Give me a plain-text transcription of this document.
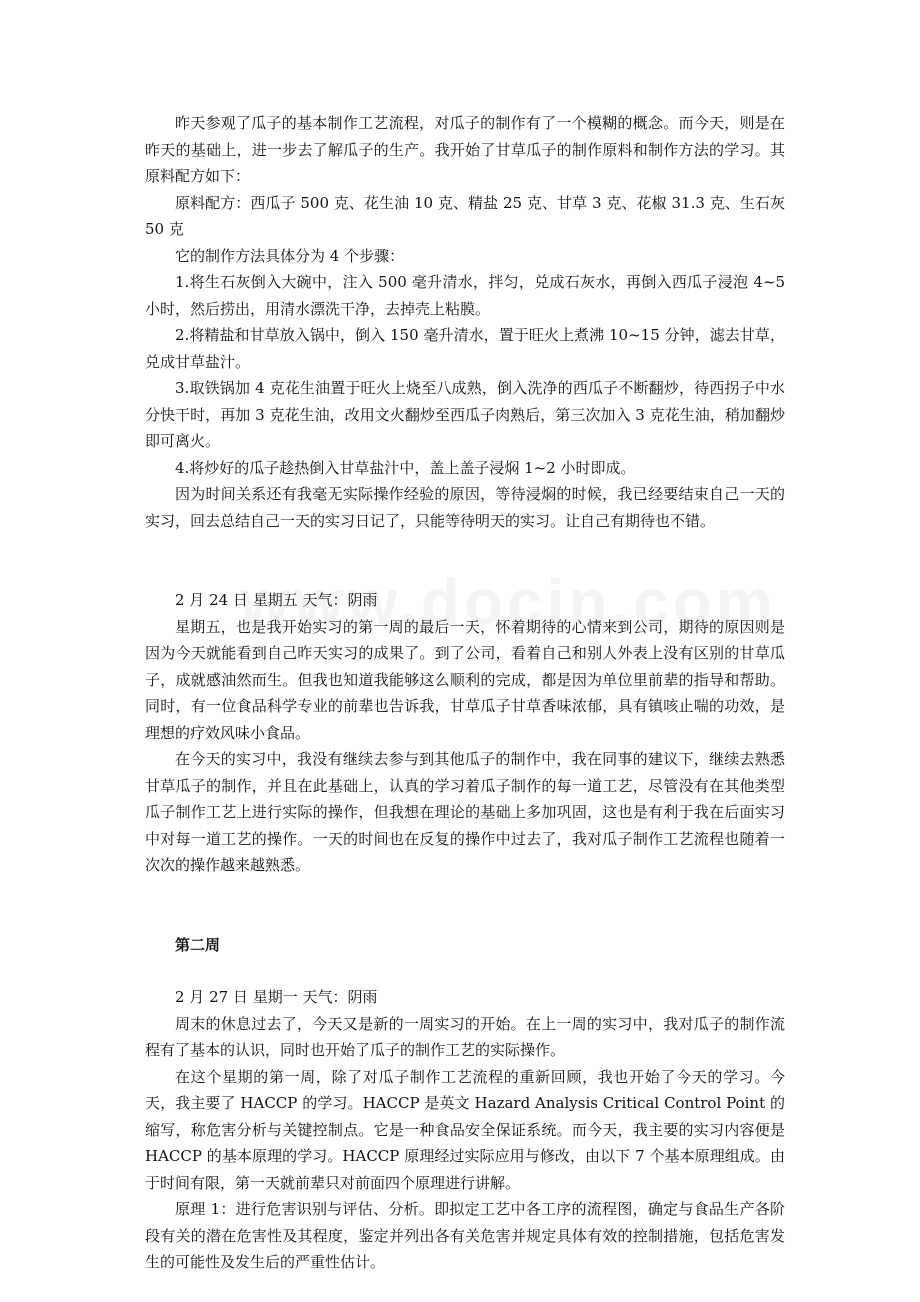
昨天参观了瓜子的基本制作工艺流程，对瓜子的制作有了一个模糊的概念。而今天，则是在昨天的基础上，进一步去了解瓜子的生产。我开始了甘草瓜子的制作原料和制作方法的学习。其原料配方如下：

原料配方：西瓜子 500 克、花生油 10 克、精盐 25 克、甘草 3 克、花椒 31.3 克、生石灰 50 克

它的制作方法具体分为 4 个步骤：

1.将生石灰倒入大碗中，注入 500 毫升清水，拌匀，兑成石灰水，再倒入西瓜子浸泡 4~5 小时，然后捞出，用清水漂洗干净，去掉壳上粘膜。

2.将精盐和甘草放入锅中，倒入 150 毫升清水，置于旺火上煮沸 10~15 分钟，滤去甘草，兑成甘草盐汁。

3.取铁锅加 4 克花生油置于旺火上烧至八成熟，倒入洗净的西瓜子不断翻炒，待西拐子中水分快干时，再加 3 克花生油，改用文火翻炒至西瓜子肉熟后，第三次加入 3 克花生油，稍加翻炒即可离火。

4.将炒好的瓜子趁热倒入甘草盐汁中，盖上盖子浸焖 1~2 小时即成。

因为时间关系还有我毫无实际操作经验的原因，等待浸焖的时候，我已经要结束自己一天的实习，回去总结自己一天的实习日记了，只能等待明天的实习。让自己有期待也不错。

2 月 24 日 星期五 天气：阴雨

星期五，也是我开始实习的第一周的最后一天，怀着期待的心情来到公司，期待的原因则是因为今天就能看到自己昨天实习的成果了。到了公司，看着自己和别人外表上没有区别的甘草瓜子，成就感油然而生。但我也知道我能够这么顺利的完成，都是因为单位里前辈的指导和帮助。同时，有一位食品科学专业的前辈也告诉我，甘草瓜子甘草香味浓郁，具有镇咳止喘的功效，是理想的疗效风味小食品。

在今天的实习中，我没有继续去参与到其他瓜子的制作中，我在同事的建议下，继续去熟悉甘草瓜子的制作，并且在此基础上，认真的学习着瓜子制作的每一道工艺，尽管没有在其他类型瓜子制作工艺上进行实际的操作，但我想在理论的基础上多加巩固，这也是有利于我在后面实习中对每一道工艺的操作。一天的时间也在反复的操作中过去了，我对瓜子制作工艺流程也随着一次次的操作越来越熟悉。

第二周

2 月 27 日 星期一 天气：阴雨

周末的休息过去了，今天又是新的一周实习的开始。在上一周的实习中，我对瓜子的制作流程有了基本的认识，同时也开始了瓜子的制作工艺的实际操作。

在这个星期的第一周，除了对瓜子制作工艺流程的重新回顾，我也开始了今天的学习。今天，我主要了 HACCP 的学习。HACCP 是英文 Hazard Analysis Critical Control Point 的缩写，称危害分析与关键控制点。它是一种食品安全保证系统。而今天，我主要的实习内容便是 HACCP 的基本原理的学习。HACCP 原理经过实际应用与修改，由以下 7 个基本原理组成。由于时间有限，第一天就前辈只对前面四个原理进行讲解。

原理 1：进行危害识别与评估、分析。即拟定工艺中各工序的流程图，确定与食品生产各阶段有关的潜在危害性及其程度，鉴定并列出各有关危害并规定具体有效的控制措施，包括危害发生的可能性及发生后的严重性估计。
